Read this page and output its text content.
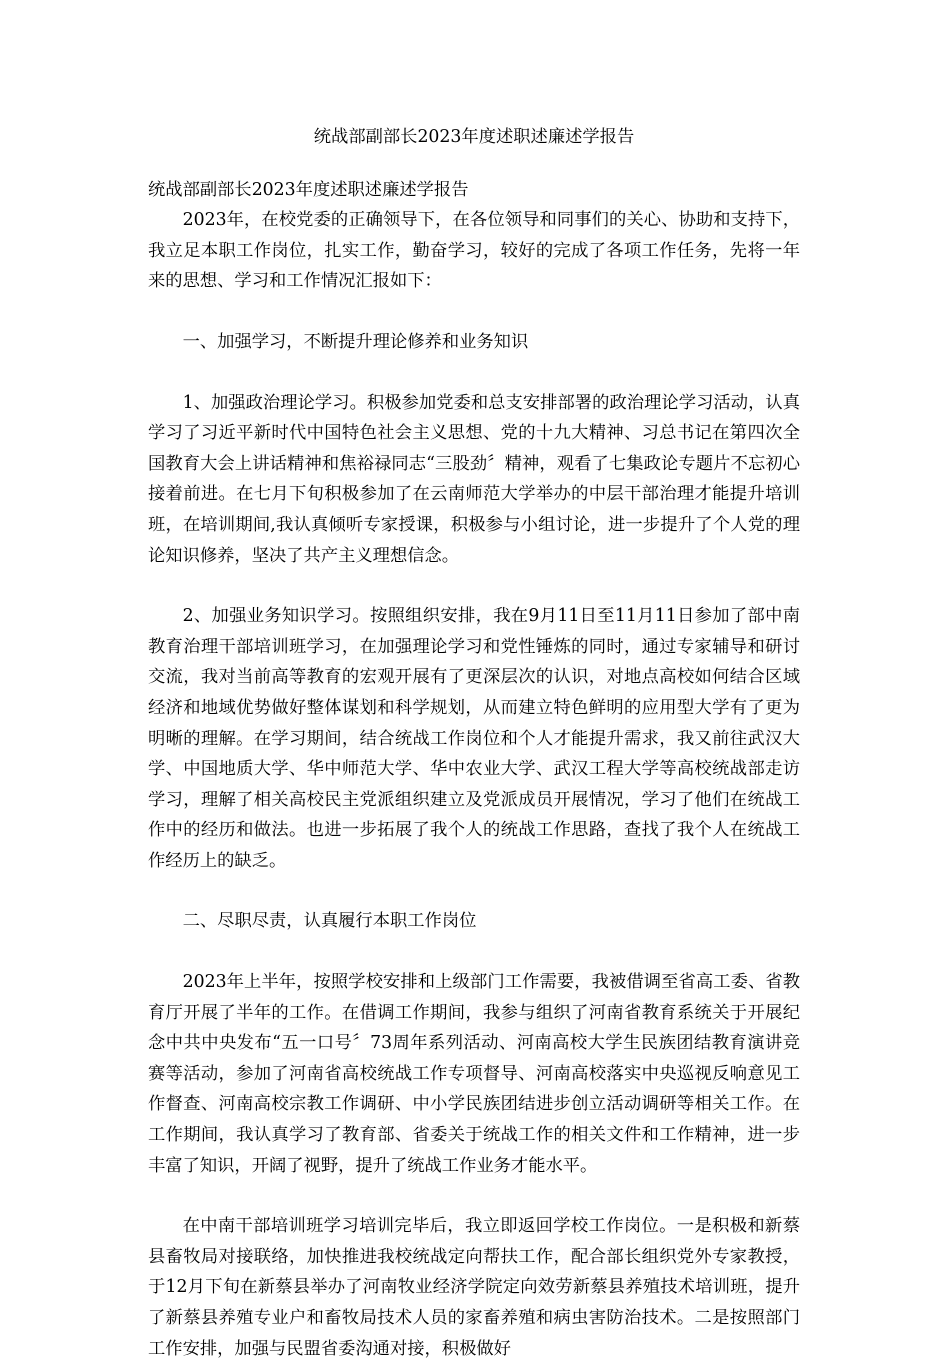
统战部副部长2023年度述职述廉述学报告

统战部副部长2023年度述职述廉述学报告

2023年，在校党委的正确领导下，在各位领导和同事们的关心、协助和支持下，我立足本职工作岗位，扎实工作，勤奋学习，较好的完成了各项工作任务，先将一年来的思想、学习和工作情况汇报如下：

一、加强学习，不断提升理论修养和业务知识

1、加强政治理论学习。积极参加党委和总支安排部署的政治理论学习活动，认真学习了习近平新时代中国特色社会主义思想、党的十九大精神、习总书记在第四次全国教育大会上讲话精神和焦裕禄同志“三股劲〞精神，观看了七集政论专题片不忘初心 接着前进。在七月下旬积极参加了在云南师范大学举办的中层干部治理才能提升培训班，在培训期间,我认真倾听专家授课，积极参与小组讨论，进一步提升了个人党的理论知识修养，坚决了共产主义理想信念。

2、加强业务知识学习。按照组织安排，我在9月11日至11月11日参加了部中南教育治理干部培训班学习，在加强理论学习和党性锤炼的同时，通过专家辅导和研讨交流，我对当前高等教育的宏观开展有了更深层次的认识，对地点高校如何结合区域经济和地域优势做好整体谋划和科学规划，从而建立特色鲜明的应用型大学有了更为明晰的理解。在学习期间，结合统战工作岗位和个人才能提升需求，我又前往武汉大学、中国地质大学、华中师范大学、华中农业大学、武汉工程大学等高校统战部走访学习，理解了相关高校民主党派组织建立及党派成员开展情况，学习了他们在统战工作中的经历和做法。也进一步拓展了我个人的统战工作思路，查找了我个人在统战工作经历上的缺乏。

二、尽职尽责，认真履行本职工作岗位

2023年上半年，按照学校安排和上级部门工作需要，我被借调至省高工委、省教育厅开展了半年的工作。在借调工作期间，我参与组织了河南省教育系统关于开展纪念中共中央发布“五一口号〞73周年系列活动、河南高校大学生民族团结教育演讲竞赛等活动，参加了河南省高校统战工作专项督导、河南高校落实中央巡视反响意见工作督查、河南高校宗教工作调研、中小学民族团结进步创立活动调研等相关工作。在工作期间，我认真学习了教育部、省委关于统战工作的相关文件和工作精神，进一步丰富了知识，开阔了视野，提升了统战工作业务才能水平。

在中南干部培训班学习培训完毕后，我立即返回学校工作岗位。一是积极和新蔡县畜牧局对接联络，加快推进我校统战定向帮扶工作，配合部长组织党外专家教授，于12月下旬在新蔡县举办了河南牧业经济学院定向效劳新蔡县养殖技术培训班，提升了新蔡县养殖专业户和畜牧局技术人员的家畜养殖和病虫害防治技术。二是按照部门工作安排，加强与民盟省委沟通对接，积极做好
